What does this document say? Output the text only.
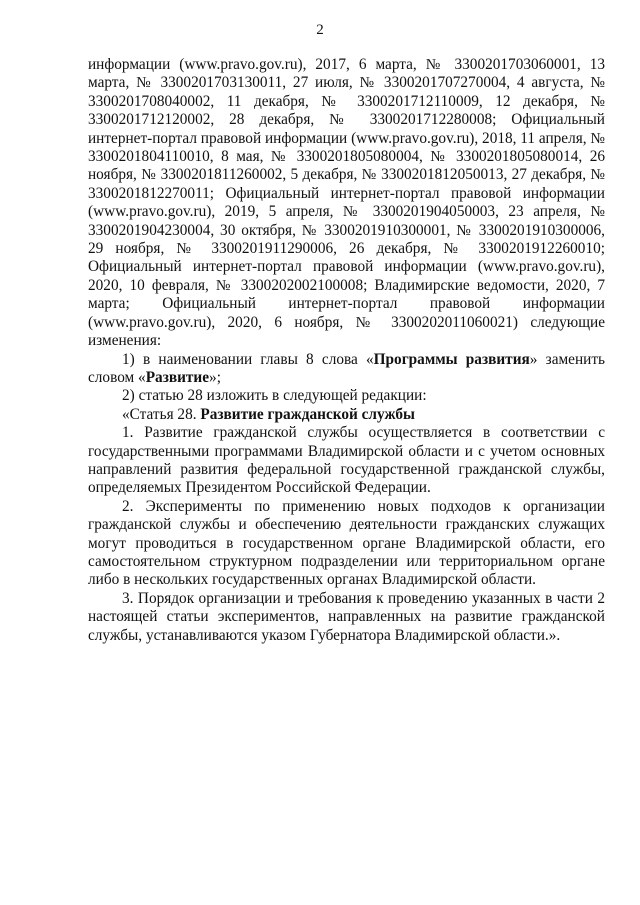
2

информации (www.pravo.gov.ru), 2017, 6 марта, № 3300201703060001, 13 марта, № 3300201703130011, 27 июля, № 3300201707270004, 4 августа, № 3300201708040002, 11 декабря, № 3300201712110009, 12 декабря, № 3300201712120002, 28 декабря, № 3300201712280008; Официальный интернет-портал правовой информации (www.pravo.gov.ru), 2018, 11 апреля, № 3300201804110010, 8 мая, № 3300201805080004, № 3300201805080014, 26 ноября, № 3300201811260002, 5 декабря, № 3300201812050013, 27 декабря, № 3300201812270011; Официальный интернет-портал правовой информации (www.pravo.gov.ru), 2019, 5 апреля, № 3300201904050003, 23 апреля, № 3300201904230004, 30 октября, № 3300201910300001, № 3300201910300006, 29 ноября, № 3300201911290006, 26 декабря, № 3300201912260010; Официальный интернет-портал правовой информации (www.pravo.gov.ru), 2020, 10 февраля, № 3300202002100008; Владимирские ведомости, 2020, 7 марта; Официальный интернет-портал правовой информации (www.pravo.gov.ru), 2020, 6 ноября, № 3300202011060021) следующие изменения:

1) в наименовании главы 8 слова «Программы развития» заменить словом «Развитие»;

2) статью 28 изложить в следующей редакции:

«Статья 28. Развитие гражданской службы

1. Развитие гражданской службы осуществляется в соответствии с государственными программами Владимирской области и с учетом основных направлений развития федеральной государственной гражданской службы, определяемых Президентом Российской Федерации.

2. Эксперименты по применению новых подходов к организации гражданской службы и обеспечению деятельности гражданских служащих могут проводиться в государственном органе Владимирской области, его самостоятельном структурном подразделении или территориальном органе либо в нескольких государственных органах Владимирской области.

3. Порядок организации и требования к проведению указанных в части 2 настоящей статьи экспериментов, направленных на развитие гражданской службы, устанавливаются указом Губернатора Владимирской области.».
